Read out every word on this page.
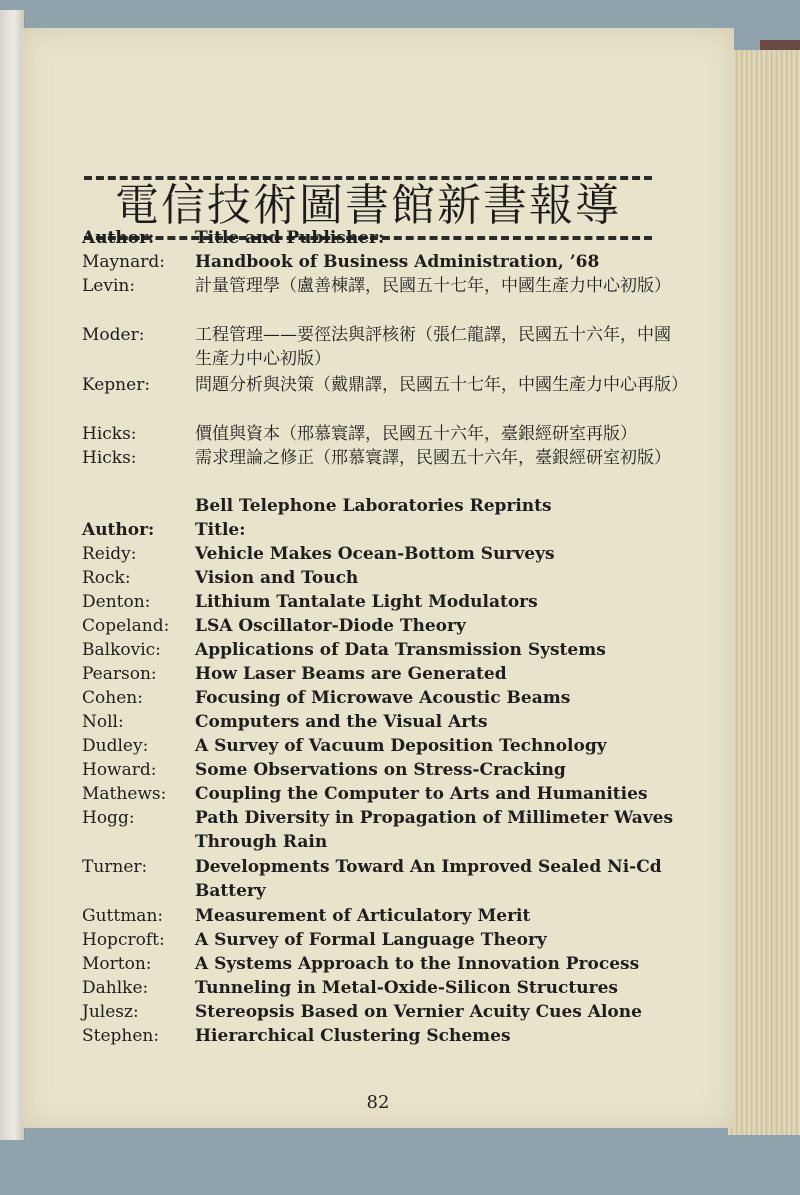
電信技術圖書館新書報導
Author:	Title and Publisher:
Maynard:	Handbook of Business Administration, ’68
Levin:	計量管理學（盧善棟譯，民國五十七年，中國生產力中心初版）
Moder:	工程管理——要徑法與評核術（張仁龍譯，民國五十六年，中國生產力中心初版）
Kepner:	問題分析與決策（戴鼎譯，民國五十七年，中國生產力中心再版）
Hicks:	價值與資本（邢慕寰譯，民國五十六年，臺銀經研室再版）
Hicks:	需求理論之修正（邢慕寰譯，民國五十六年，臺銀經研室初版）
Bell Telephone Laboratories Reprints
Author:	Title:
Reidy:	Vehicle Makes Ocean-Bottom Surveys
Rock:	Vision and Touch
Denton:	Lithium Tantalate Light Modulators
Copeland:	LSA Oscillator-Diode Theory
Balkovic:	Applications of Data Transmission Systems
Pearson:	How Laser Beams are Generated
Cohen:	Focusing of Microwave Acoustic Beams
Noll:	Computers and the Visual Arts
Dudley:	A Survey of Vacuum Deposition Technology
Howard:	Some Observations on Stress-Cracking
Mathews:	Coupling the Computer to Arts and Humanities
Hogg:	Path Diversity in Propagation of Millimeter Waves Through Rain
Turner:	Developments Toward An Improved Sealed Ni-Cd Battery
Guttman:	Measurement of Articulatory Merit
Hopcroft:	A Survey of Formal Language Theory
Morton:	A Systems Approach to the Innovation Process
Dahlke:	Tunneling in Metal-Oxide-Silicon Structures
Julesz:	Stereopsis Based on Vernier Acuity Cues Alone
Stephen:	Hierarchical Clustering Schemes
82
